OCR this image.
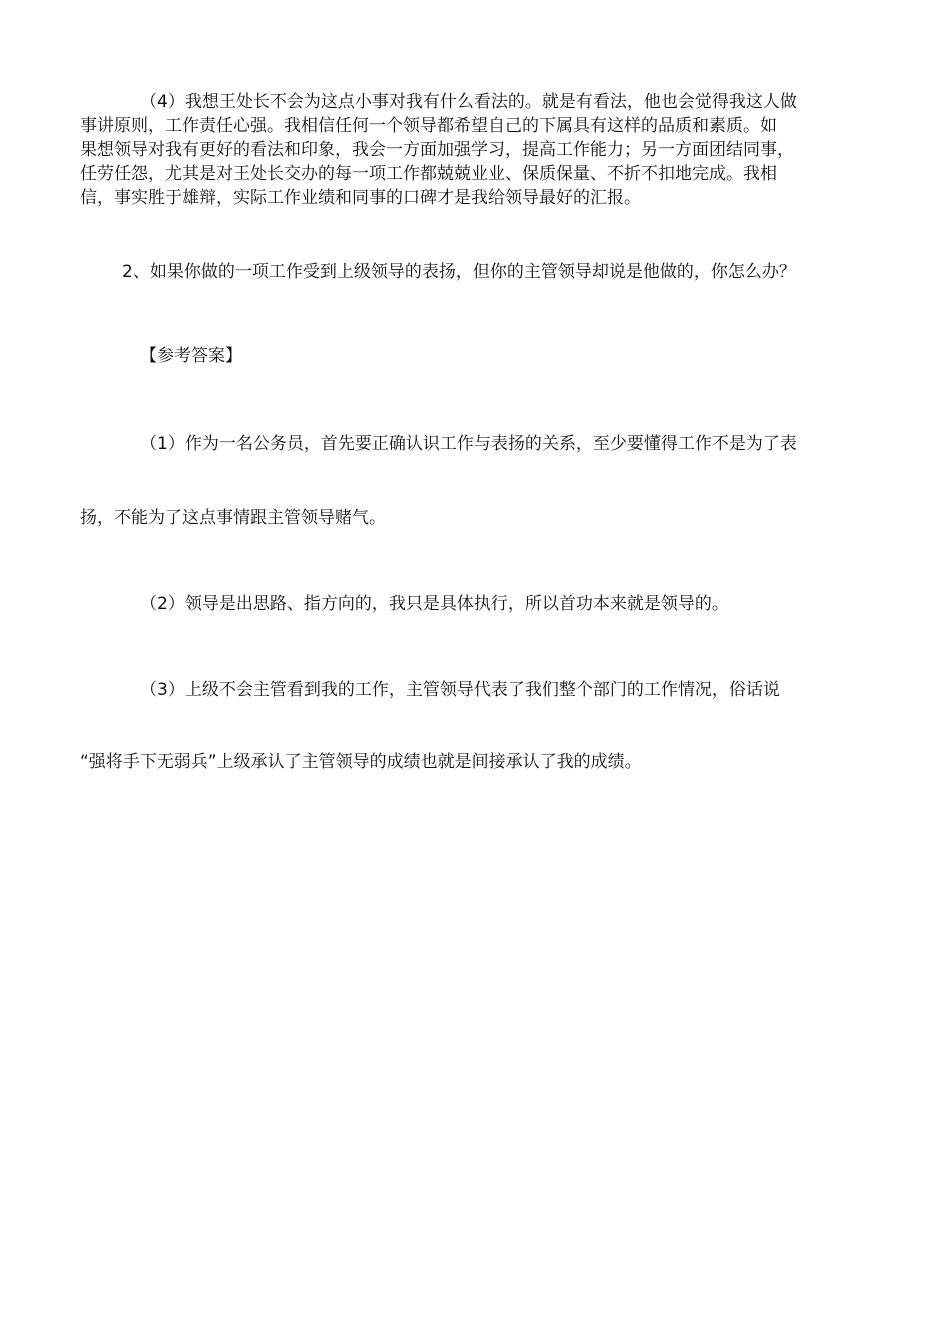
（4）我想王处长不会为这点小事对我有什么看法的。就是有看法，他也会觉得我这人做
事讲原则，工作责任心强。我相信任何一个领导都希望自己的下属具有这样的品质和素质。如
果想领导对我有更好的看法和印象，我会一方面加强学习，提高工作能力；另一方面团结同事，
任劳任怨，尤其是对王处长交办的每一项工作都兢兢业业、保质保量、不折不扣地完成。我相
信，事实胜于雄辩，实际工作业绩和同事的口碑才是我给领导最好的汇报。
2、如果你做的一项工作受到上级领导的表扬，但你的主管领导却说是他做的，你怎么办？
【参考答案】
（1）作为一名公务员，首先要正确认识工作与表扬的关系，至少要懂得工作不是为了表
扬，不能为了这点事情跟主管领导赌气。
（2）领导是出思路、指方向的，我只是具体执行，所以首功本来就是领导的。
（3）上级不会主管看到我的工作，主管领导代表了我们整个部门的工作情况，俗话说
“强将手下无弱兵”上级承认了主管领导的成绩也就是间接承认了我的成绩。
